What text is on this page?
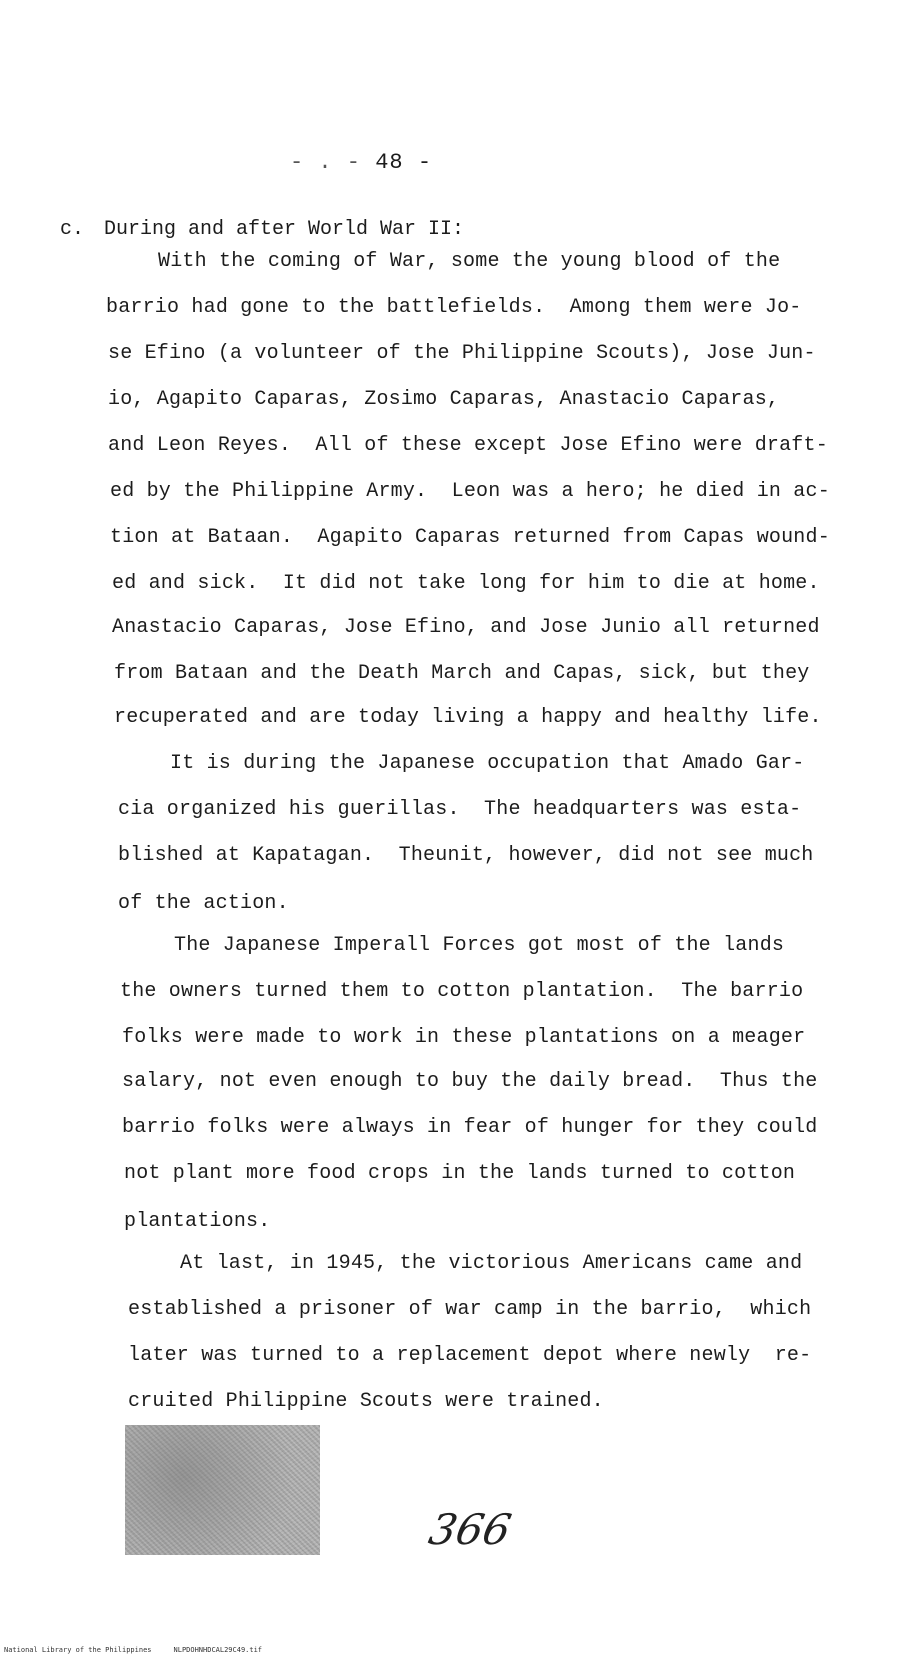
- . - 48 -
c. During and after World War II:
With the coming of War, some the young blood of the
barrio had gone to the battlefields.  Among them were Jo-
se Efino (a volunteer of the Philippine Scouts), Jose Jun-
io, Agapito Caparas, Zosimo Caparas, Anastacio Caparas,
and Leon Reyes.  All of these except Jose Efino were draft-
ed by the Philippine Army.  Leon was a hero; he died in ac-
tion at Bataan.  Agapito Caparas returned from Capas wound-
ed and sick.  It did not take long for him to die at home.
Anastacio Caparas, Jose Efino, and Jose Junio all returned
from Bataan and the Death March and Capas, sick, but they
recuperated and are today living a happy and healthy life.
It is during the Japanese occupation that Amado Gar-
cia organized his guerillas.  The headquarters was esta-
blished at Kapatagan.  Theunit, however, did not see much
of the action.
The Japanese Imperall Forces got most of the lands
the owners turned them to cotton plantation.  The barrio
folks were made to work in these plantations on a meager
salary, not even enough to buy the daily bread.  Thus the
barrio folks were always in fear of hunger for they could
not plant more food crops in the lands turned to cotton
plantations.
At last, in 1945, the victorious Americans came and
established a prisoner of war camp in the barrio,  which
later was turned to a replacement depot where newly  re-
cruited Philippine Scouts were trained.
366
National Library of the Philippines	NLPDOHNHDCAL29C49.tif
